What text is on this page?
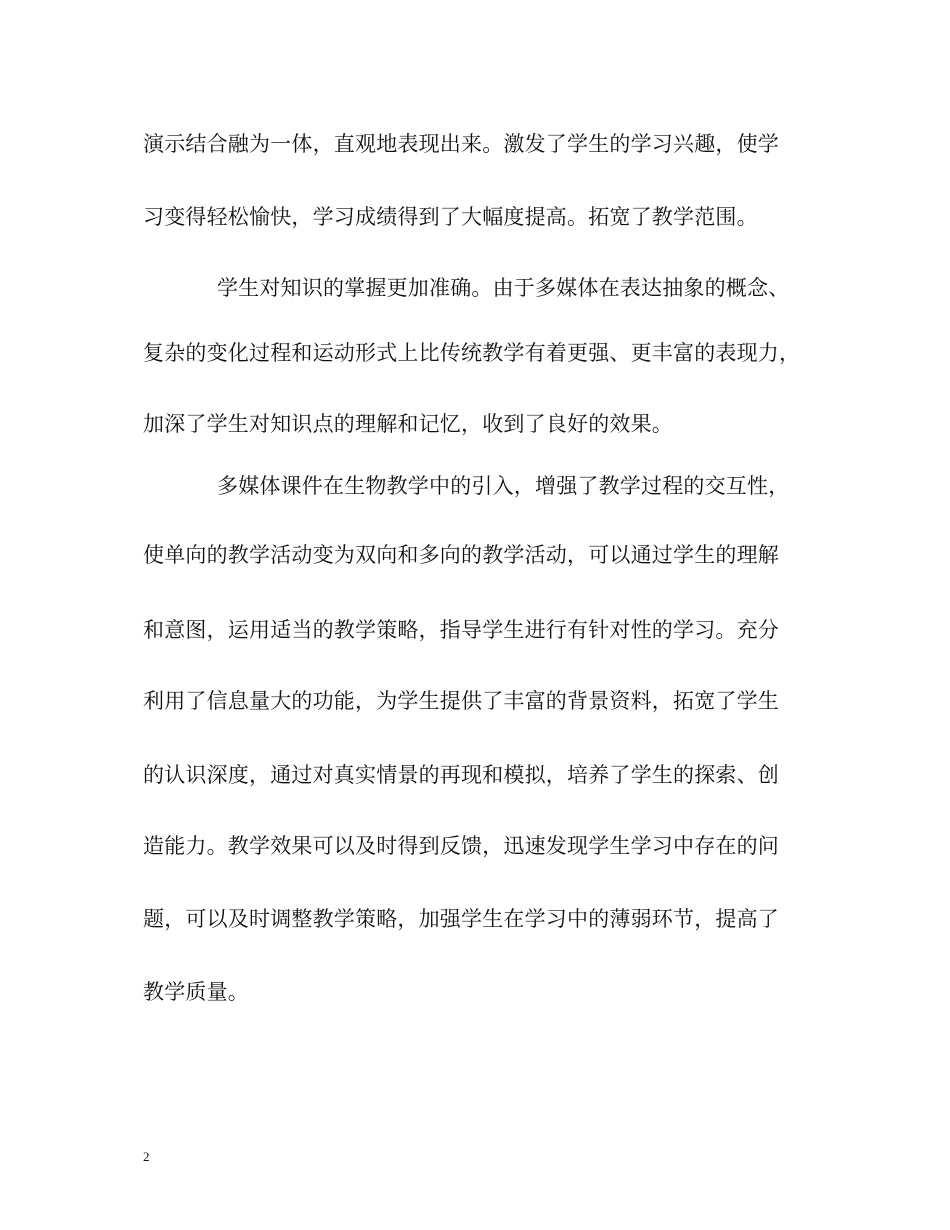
演示结合融为一体，直观地表现出来。激发了学生的学习兴趣，使学
习变得轻松愉快，学习成绩得到了大幅度提高。拓宽了教学范围。
学生对知识的掌握更加准确。由于多媒体在表达抽象的概念、
复杂的变化过程和运动形式上比传统教学有着更强、更丰富的表现力，
加深了学生对知识点的理解和记忆，收到了良好的效果。
多媒体课件在生物教学中的引入，增强了教学过程的交互性，
使单向的教学活动变为双向和多向的教学活动，可以通过学生的理解
和意图，运用适当的教学策略，指导学生进行有针对性的学习。充分
利用了信息量大的功能，为学生提供了丰富的背景资料，拓宽了学生
的认识深度，通过对真实情景的再现和模拟，培养了学生的探索、创
造能力。教学效果可以及时得到反馈，迅速发现学生学习中存在的问
题，可以及时调整教学策略，加强学生在学习中的薄弱环节，提高了
教学质量。
2
